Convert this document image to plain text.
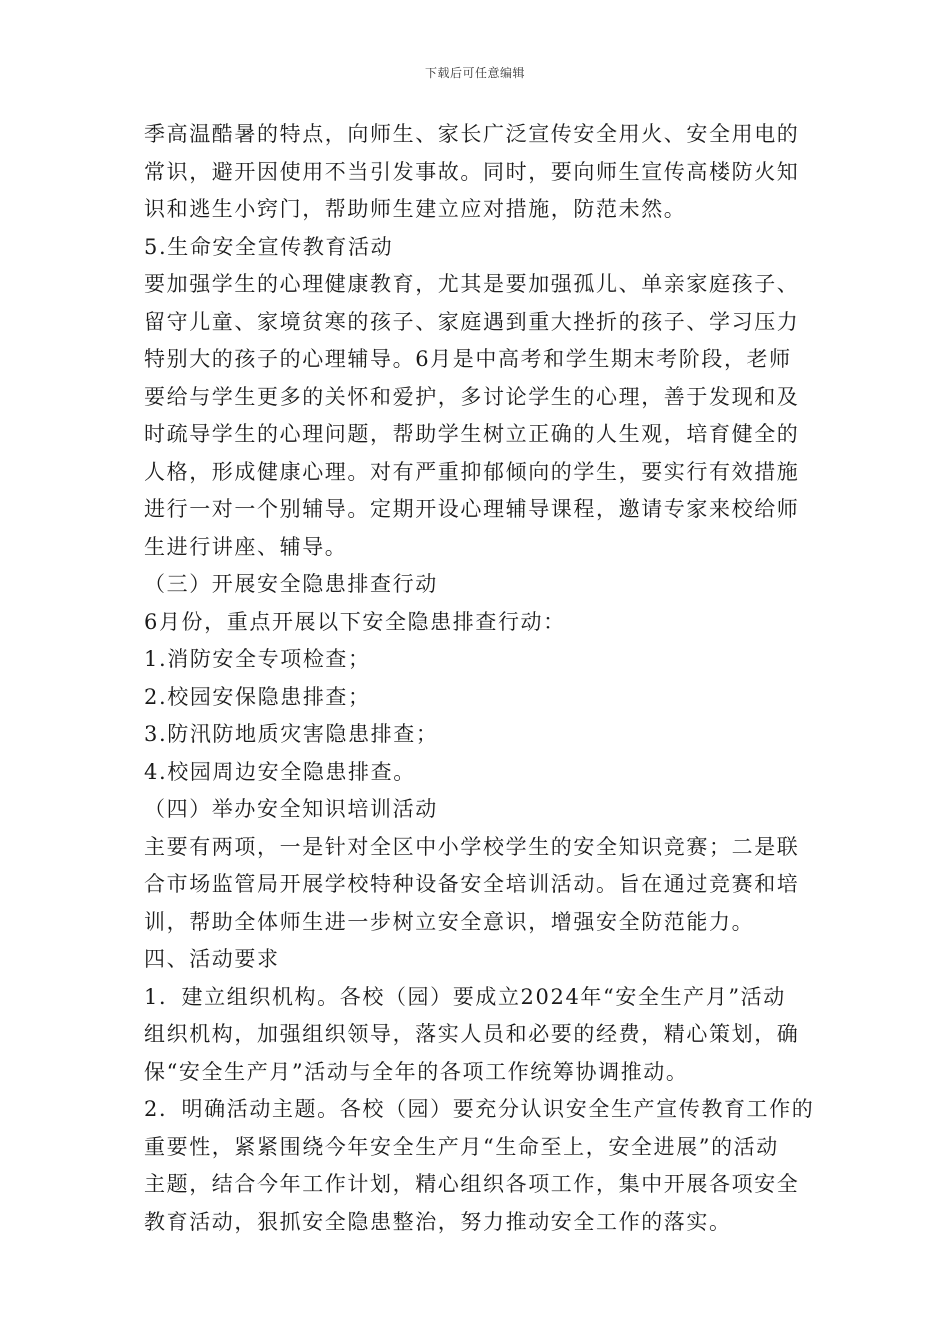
下载后可任意编辑
季高温酷暑的特点，向师生、家长广泛宣传安全用火、安全用电的
常识，避开因使用不当引发事故。同时，要向师生宣传高楼防火知
识和逃生小窍门，帮助师生建立应对措施，防范未然。
5.生命安全宣传教育活动
要加强学生的心理健康教育，尤其是要加强孤儿、单亲家庭孩子、
留守儿童、家境贫寒的孩子、家庭遇到重大挫折的孩子、学习压力
特别大的孩子的心理辅导。6月是中高考和学生期末考阶段，老师
要给与学生更多的关怀和爱护，多讨论学生的心理，善于发现和及
时疏导学生的心理问题，帮助学生树立正确的人生观，培育健全的
人格，形成健康心理。对有严重抑郁倾向的学生，要实行有效措施
进行一对一个别辅导。定期开设心理辅导课程，邀请专家来校给师
生进行讲座、辅导。
（三）开展安全隐患排查行动
6月份，重点开展以下安全隐患排查行动：
1.消防安全专项检查；
2.校园安保隐患排查；
3.防汛防地质灾害隐患排查；
4.校园周边安全隐患排查。
（四）举办安全知识培训活动
主要有两项，一是针对全区中小学校学生的安全知识竞赛；二是联
合市场监管局开展学校特种设备安全培训活动。旨在通过竞赛和培
训，帮助全体师生进一步树立安全意识，增强安全防范能力。
四、活动要求
1．建立组织机构。各校（园）要成立2024年“安全生产月”活动
组织机构，加强组织领导，落实人员和必要的经费，精心策划，确
保“安全生产月”活动与全年的各项工作统筹协调推动。
2．明确活动主题。各校（园）要充分认识安全生产宣传教育工作的
重要性，紧紧围绕今年安全生产月“生命至上，安全进展”的活动
主题，结合今年工作计划，精心组织各项工作，集中开展各项安全
教育活动，狠抓安全隐患整治，努力推动安全工作的落实。
